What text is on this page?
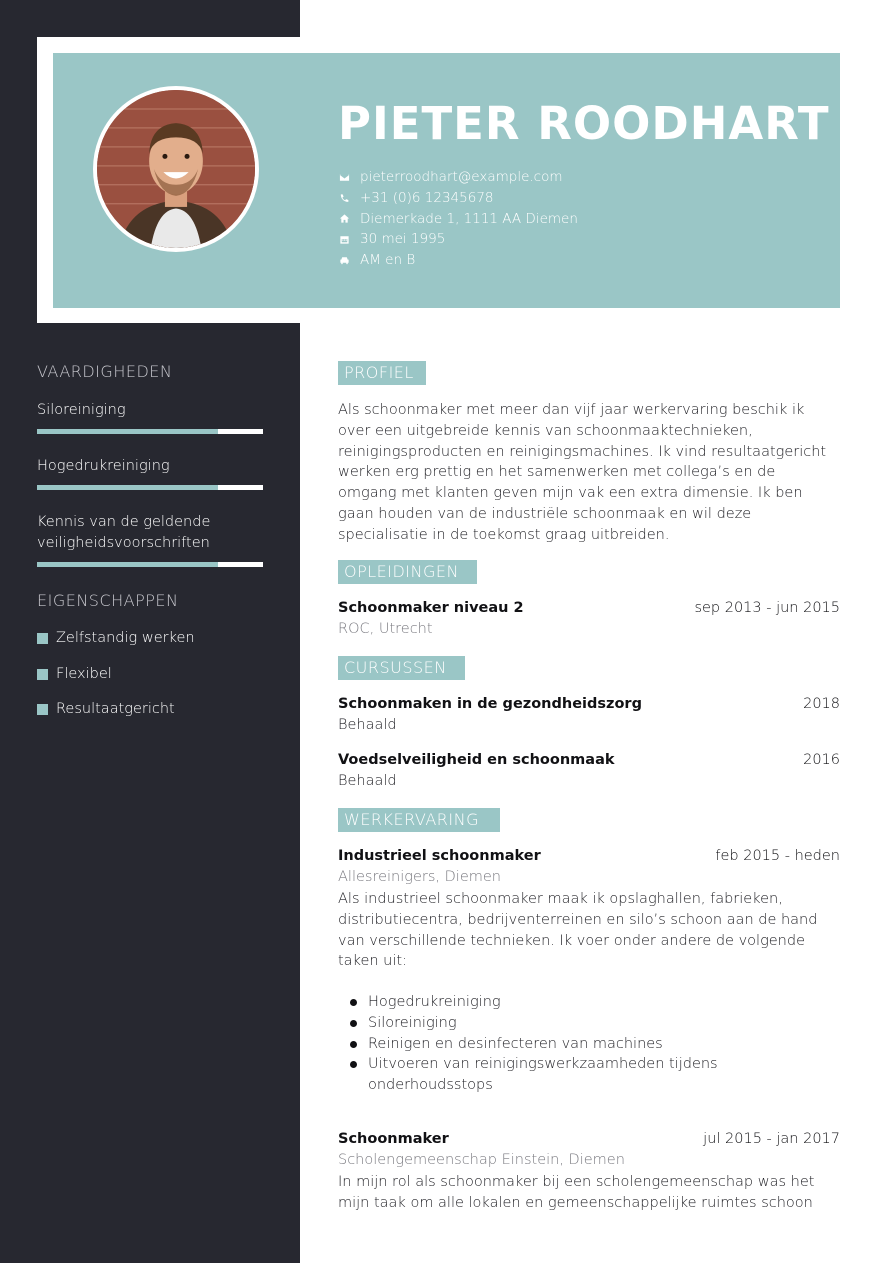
PIETER ROODHART
pieterroodhart@example.com
+31 (0)6 12345678
Diemerkade 1, 1111 AA Diemen
30 mei 1995
AM en B
VAARDIGHEDEN
Siloreiniging
Hogedrukreiniging
Kennis van de geldende veiligheidsvoorschriften
EIGENSCHAPPEN
Zelfstandig werken
Flexibel
Resultaatgericht
PROFIEL
Als schoonmaker met meer dan vijf jaar werkervaring beschik ik over een uitgebreide kennis van schoonmaaktechnieken, reinigingsproducten en reinigingsmachines. Ik vind resultaatgericht werken erg prettig en het samenwerken met collega’s en de omgang met klanten geven mijn vak een extra dimensie. Ik ben gaan houden van de industriële schoonmaak en wil deze specialisatie in de toekomst graag uitbreiden.
OPLEIDINGEN
Schoonmaker niveau 2	sep 2013 - jun 2015
ROC, Utrecht
CURSUSSEN
Schoonmaken in de gezondheidszorg	2018
Behaald
Voedselveiligheid en schoonmaak	2016
Behaald
WERKERVARING
Industrieel schoonmaker	feb 2015 - heden
Allesreinigers, Diemen
Als industrieel schoonmaker maak ik opslaghallen, fabrieken, distributiecentra, bedrijventerreinen en silo’s schoon aan de hand van verschillende technieken. Ik voer onder andere de volgende taken uit:
Hogedrukreiniging
Siloreiniging
Reinigen en desinfecteren van machines
Uitvoeren van reinigingswerkzaamheden tijdens onderhoudsstops
Schoonmaker	jul 2015 - jan 2017
Scholengemeenschap Einstein, Diemen
In mijn rol als schoonmaker bij een scholengemeenschap was het mijn taak om alle lokalen en gemeenschappelijke ruimtes schoon
